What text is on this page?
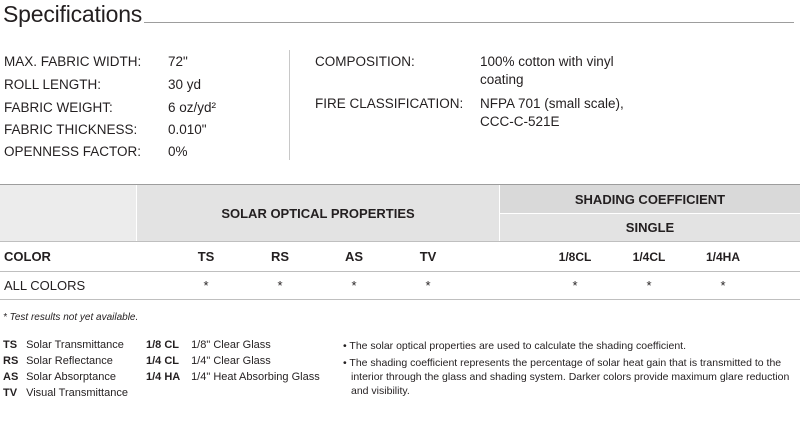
Specifications
MAX. FABRIC WIDTH:	72"
ROLL LENGTH:	30 yd
FABRIC WEIGHT:	6 oz/yd²
FABRIC THICKNESS:	0.010"
OPENNESS FACTOR:	0%
COMPOSITION:	100% cotton with vinyl
coating
FIRE CLASSIFICATION:	NFPA 701 (small scale),
CCC-C-521E
SOLAR OPTICAL PROPERTIES
SHADING COEFFICIENT
SINGLE
COLOR	TS	RS	AS	TV	1/8CL	1/4CL	1/4HA
ALL COLORS	*	*	*	*	*	*	*
* Test results not yet available.
TS Solar Transmittance
RS Solar Reflectance
AS Solar Absorptance
TV Visual Transmittance
1/8 CL 1/8" Clear Glass
1/4 CL 1/4" Clear Glass
1/4 HA 1/4" Heat Absorbing Glass
• The solar optical properties are used to calculate the shading coefficient.
• The shading coefficient represents the percentage of solar heat gain that is transmitted to the interior through the glass and shading system. Darker colors provide maximum glare reduction and visibility.
